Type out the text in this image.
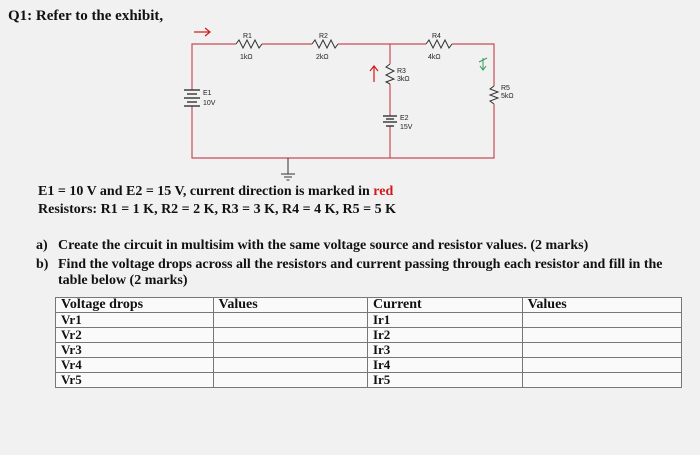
Q1: Refer to the exhibit,
R1
1kΩ
R2
2kΩ
R4
4kΩ
R3
3kΩ
R5
5kΩ
E1
10V
E2
15V
E1 = 10 V and E2 = 15 V, current direction is marked in red
Resistors: R1 = 1 K, R2 = 2 K, R3 = 3 K, R4 = 4 K, R5 = 5 K
a) Create the circuit in multisim with the same voltage source and resistor values. (2 marks)
b) Find the voltage drops across all the resistors and current passing through each resistor and fill in the table below (2 marks)
Voltage drops	Values	Current	Values
Vr1		Ir1	
Vr2		Ir2	
Vr3		Ir3	
Vr4		Ir4	
Vr5		Ir5	
